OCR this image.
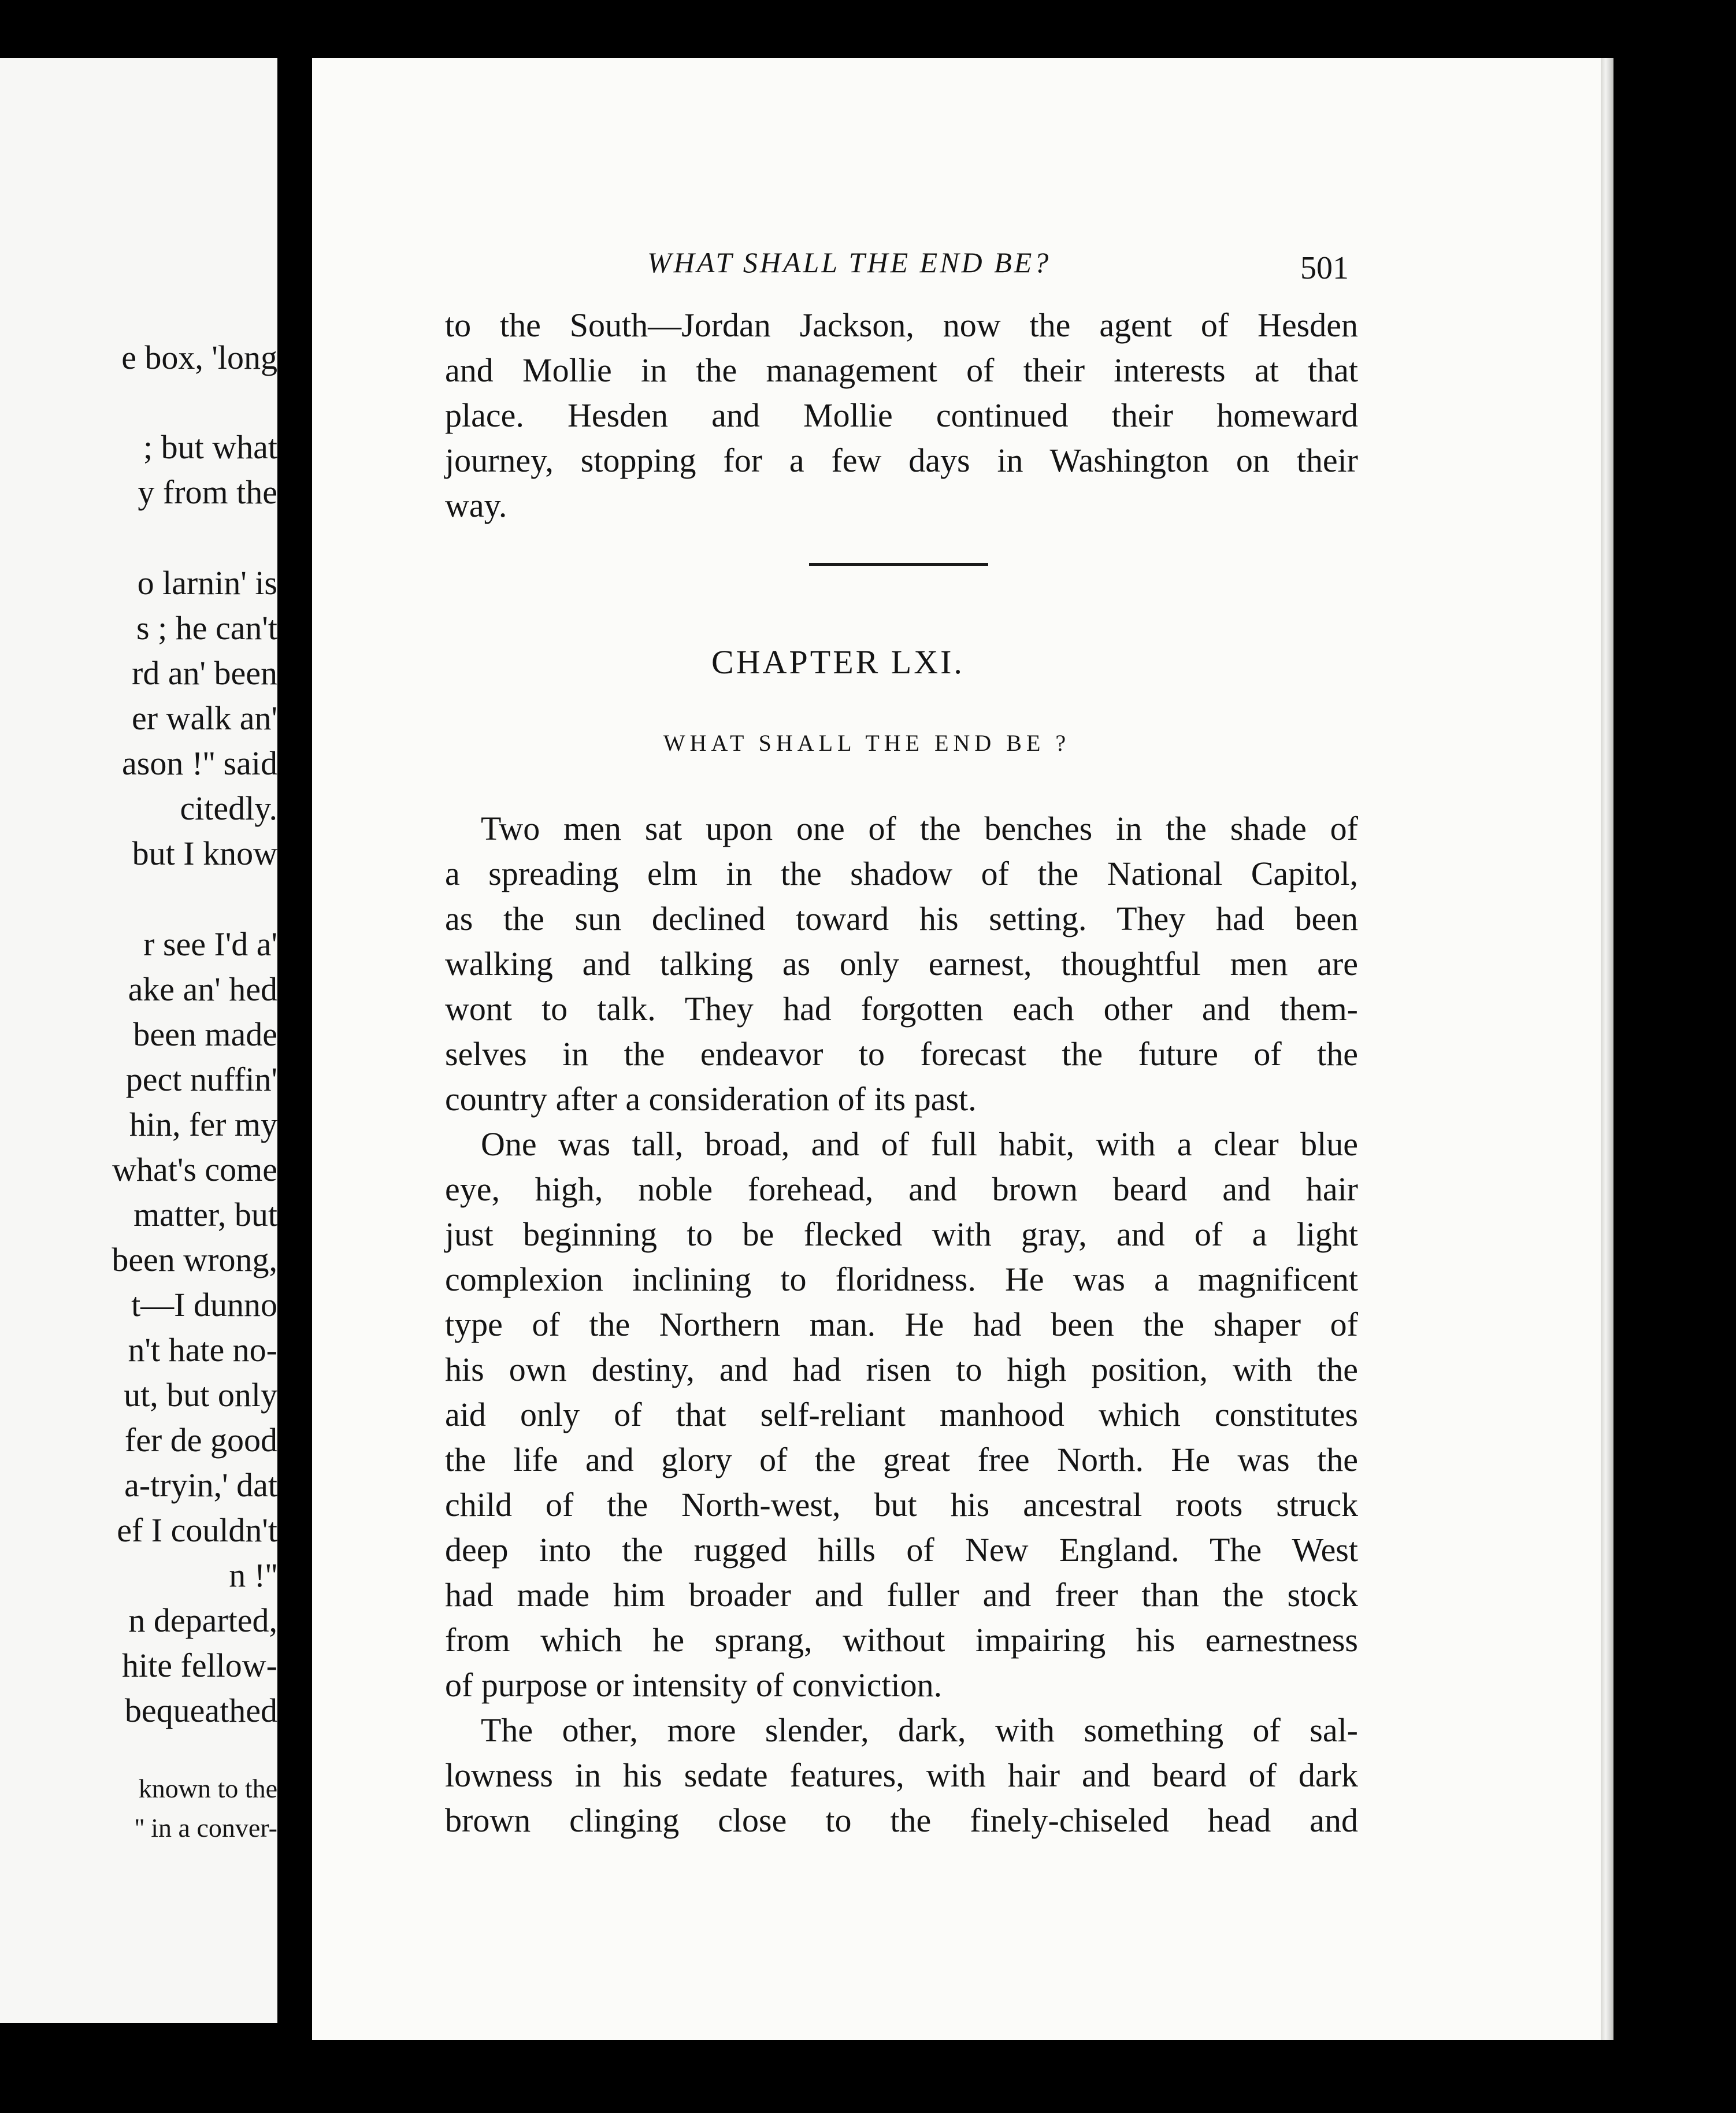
e box, 'long
; but what
y from the
o larnin' is
s ; he can't
rd an' been
er walk an'
ason !'' said
citedly.
but I know
r see I'd a'
ake an' hed
been made
pect nuffin'
hin, fer my
what's come
matter, but
been wrong,
t—I dunno
n't hate no-
ut, but only
fer de good
a-tryin,' dat
ef I couldn't
n !''
n departed,
hite fellow-
bequeathed
known to the
'' in a conver-
WHAT SHALL THE END BE?	501
to the South—Jordan Jackson, now the agent of Hesden
and Mollie in the management of their interests at that
place. Hesden and Mollie continued their homeward
journey, stopping for a few days in Washington on their
way.
CHAPTER LXI.
WHAT SHALL THE END BE ?
Two men sat upon one of the benches in the shade of
a spreading elm in the shadow of the National Capitol,
as the sun declined toward his setting. They had been
walking and talking as only earnest, thoughtful men are
wont to talk. They had forgotten each other and them-
selves in the endeavor to forecast the future of the
country after a consideration of its past.
One was tall, broad, and of full habit, with a clear blue
eye, high, noble forehead, and brown beard and hair
just beginning to be flecked with gray, and of a light
complexion inclining to floridness. He was a magnificent
type of the Northern man. He had been the shaper of
his own destiny, and had risen to high position, with the
aid only of that self-reliant manhood which constitutes
the life and glory of the great free North. He was the
child of the North-west, but his ancestral roots struck
deep into the rugged hills of New England. The West
had made him broader and fuller and freer than the stock
from which he sprang, without impairing his earnestness
of purpose or intensity of conviction.
The other, more slender, dark, with something of sal-
lowness in his sedate features, with hair and beard of dark
brown clinging close to the finely-chiseled head and
